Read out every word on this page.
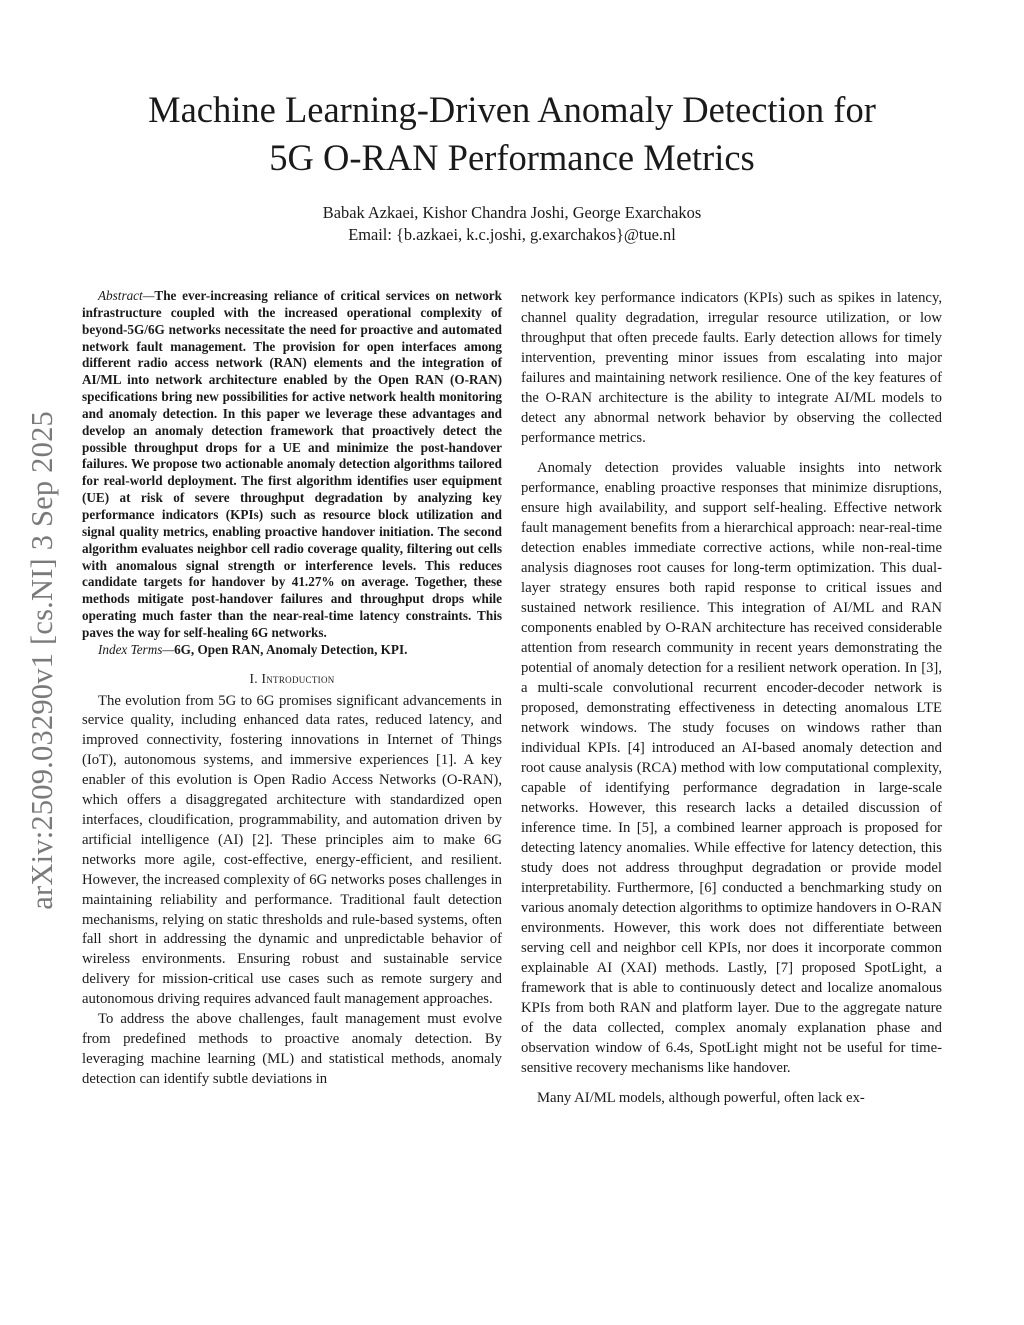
arXiv:2509.03290v1 [cs.NI] 3 Sep 2025
Machine Learning-Driven Anomaly Detection for
5G O-RAN Performance Metrics
Babak Azkaei, Kishor Chandra Joshi, George Exarchakos
Email: {b.azkaei, k.c.joshi, g.exarchakos}@tue.nl

Abstract—The ever-increasing reliance of critical services on network infrastructure coupled with the increased operational complexity of beyond-5G/6G networks necessitate the need for proactive and automated network fault management. The provision for open interfaces among different radio access network (RAN) elements and the integration of AI/ML into network architecture enabled by the Open RAN (O-RAN) specifications bring new possibilities for active network health monitoring and anomaly detection. In this paper we leverage these advantages and develop an anomaly detection framework that proactively detect the possible throughput drops for a UE and minimize the post-handover failures. We propose two actionable anomaly detection algorithms tailored for real-world deployment. The first algorithm identifies user equipment (UE) at risk of severe throughput degradation by analyzing key performance indicators (KPIs) such as resource block utilization and signal quality metrics, enabling proactive handover initiation. The second algorithm evaluates neighbor cell radio coverage quality, filtering out cells with anomalous signal strength or interference levels. This reduces candidate targets for handover by 41.27% on average. Together, these methods mitigate post-handover failures and throughput drops while operating much faster than the near-real-time latency constraints. This paves the way for self-healing 6G networks.

Index Terms—6G, Open RAN, Anomaly Detection, KPI.

I. Introduction

The evolution from 5G to 6G promises significant advancements in service quality, including enhanced data rates, reduced latency, and improved connectivity, fostering innovations in Internet of Things (IoT), autonomous systems, and immersive experiences [1]. A key enabler of this evolution is Open Radio Access Networks (O-RAN), which offers a disaggregated architecture with standardized open interfaces, cloudification, programmability, and automation driven by artificial intelligence (AI) [2]. These principles aim to make 6G networks more agile, cost-effective, energy-efficient, and resilient. However, the increased complexity of 6G networks poses challenges in maintaining reliability and performance. Traditional fault detection mechanisms, relying on static thresholds and rule-based systems, often fall short in addressing the dynamic and unpredictable behavior of wireless environments. Ensuring robust and sustainable service delivery for mission-critical use cases such as remote surgery and autonomous driving requires advanced fault management approaches.

To address the above challenges, fault management must evolve from predefined methods to proactive anomaly detection. By leveraging machine learning (ML) and statistical methods, anomaly detection can identify subtle deviations in

network key performance indicators (KPIs) such as spikes in latency, channel quality degradation, irregular resource utilization, or low throughput that often precede faults. Early detection allows for timely intervention, preventing minor issues from escalating into major failures and maintaining network resilience. One of the key features of the O-RAN architecture is the ability to integrate AI/ML models to detect any abnormal network behavior by observing the collected performance metrics.

Anomaly detection provides valuable insights into network performance, enabling proactive responses that minimize disruptions, ensure high availability, and support self-healing. Effective network fault management benefits from a hierarchical approach: near-real-time detection enables immediate corrective actions, while non-real-time analysis diagnoses root causes for long-term optimization. This dual-layer strategy ensures both rapid response to critical issues and sustained network resilience. This integration of AI/ML and RAN components enabled by O-RAN architecture has received considerable attention from research community in recent years demonstrating the potential of anomaly detection for a resilient network operation. In [3], a multi-scale convolutional recurrent encoder-decoder network is proposed, demonstrating effectiveness in detecting anomalous LTE network windows. The study focuses on windows rather than individual KPIs. [4] introduced an AI-based anomaly detection and root cause analysis (RCA) method with low computational complexity, capable of identifying performance degradation in large-scale networks. However, this research lacks a detailed discussion of inference time. In [5], a combined learner approach is proposed for detecting latency anomalies. While effective for latency detection, this study does not address throughput degradation or provide model interpretability. Furthermore, [6] conducted a benchmarking study on various anomaly detection algorithms to optimize handovers in O-RAN environments. However, this work does not differentiate between serving cell and neighbor cell KPIs, nor does it incorporate common explainable AI (XAI) methods. Lastly, [7] proposed SpotLight, a framework that is able to continuously detect and localize anomalous KPIs from both RAN and platform layer. Due to the aggregate nature of the data collected, complex anomaly explanation phase and observation window of 6.4s, SpotLight might not be useful for time-sensitive recovery mechanisms like handover.

Many AI/ML models, although powerful, often lack ex-
